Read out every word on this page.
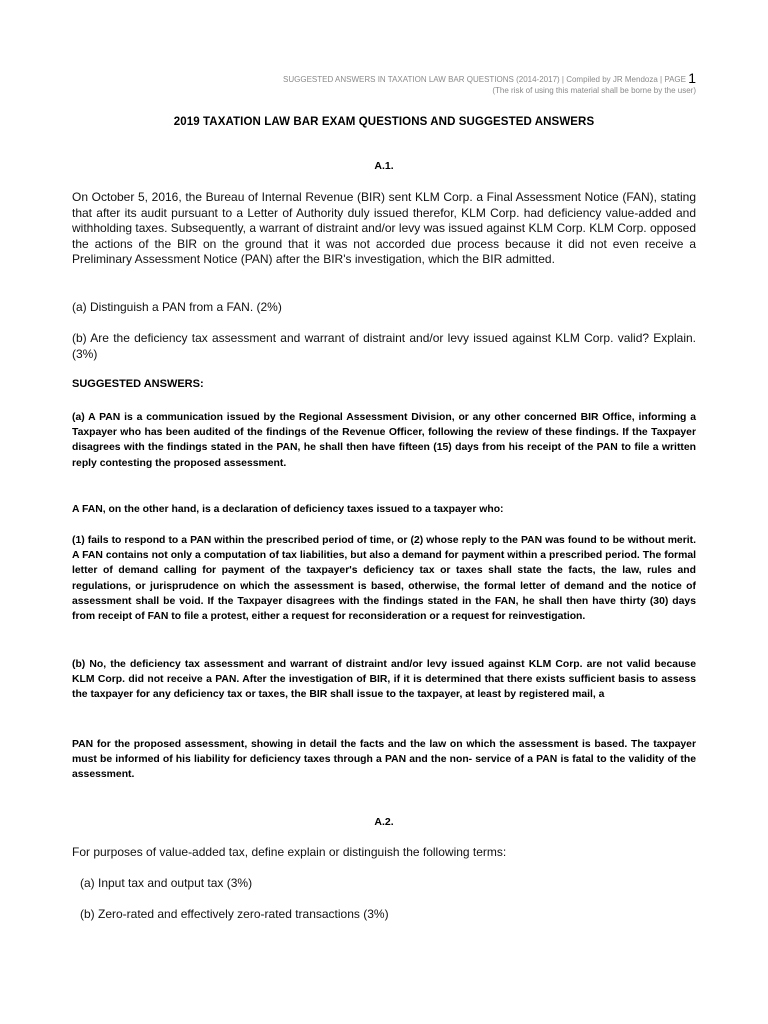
SUGGESTED ANSWERS IN TAXATION LAW BAR QUESTIONS (2014-2017) | Compiled by JR Mendoza | PAGE 1
(The risk of using this material shall be borne by the user)
2019 TAXATION LAW BAR EXAM QUESTIONS AND SUGGESTED ANSWERS
A.1.
On October 5, 2016, the Bureau of Internal Revenue (BIR) sent KLM Corp. a Final Assessment Notice (FAN), stating that after its audit pursuant to a Letter of Authority duly issued therefor, KLM Corp. had deficiency value-added and withholding taxes. Subsequently, a warrant of distraint and/or levy was issued against KLM Corp. KLM Corp. opposed the actions of the BIR on the ground that it was not accorded due process because it did not even receive a Preliminary Assessment Notice (PAN) after the BIR's investigation, which the BIR admitted.
(a) Distinguish a PAN from a FAN. (2%)
(b) Are the deficiency tax assessment and warrant of distraint and/or levy issued against KLM Corp. valid? Explain. (3%)
SUGGESTED ANSWERS:
(a) A PAN is a communication issued by the Regional Assessment Division, or any other concerned BIR Office, informing a Taxpayer who has been audited of the findings of the Revenue Officer, following the review of these findings. If the Taxpayer disagrees with the findings stated in the PAN, he shall then have fifteen (15) days from his receipt of the PAN to file a written reply contesting the proposed assessment.
A FAN, on the other hand, is a declaration of deficiency taxes issued to a taxpayer who:
(1) fails to respond to a PAN within the prescribed period of time, or (2) whose reply to the PAN was found to be without merit. A FAN contains not only a computation of tax liabilities, but also a demand for payment within a prescribed period. The formal letter of demand calling for payment of the taxpayer's deficiency tax or taxes shall state the facts, the law, rules and regulations, or jurisprudence on which the assessment is based, otherwise, the formal letter of demand and the notice of assessment shall be void. If the Taxpayer disagrees with the findings stated in the FAN, he shall then have thirty (30) days from receipt of FAN to file a protest, either a request for reconsideration or a request for reinvestigation.
(b) No, the deficiency tax assessment and warrant of distraint and/or levy issued against KLM Corp. are not valid because KLM Corp. did not receive a PAN. After the investigation of BIR, if it is determined that there exists sufficient basis to assess the taxpayer for any deficiency tax or taxes, the BIR shall issue to the taxpayer, at least by registered mail, a
PAN for the proposed assessment, showing in detail the facts and the law on which the assessment is based. The taxpayer must be informed of his liability for deficiency taxes through a PAN and the non- service of a PAN is fatal to the validity of the assessment.
A.2.
For purposes of value-added tax, define explain or distinguish the following terms:
(a) Input tax and output tax (3%)
(b) Zero-rated and effectively zero-rated transactions (3%)
